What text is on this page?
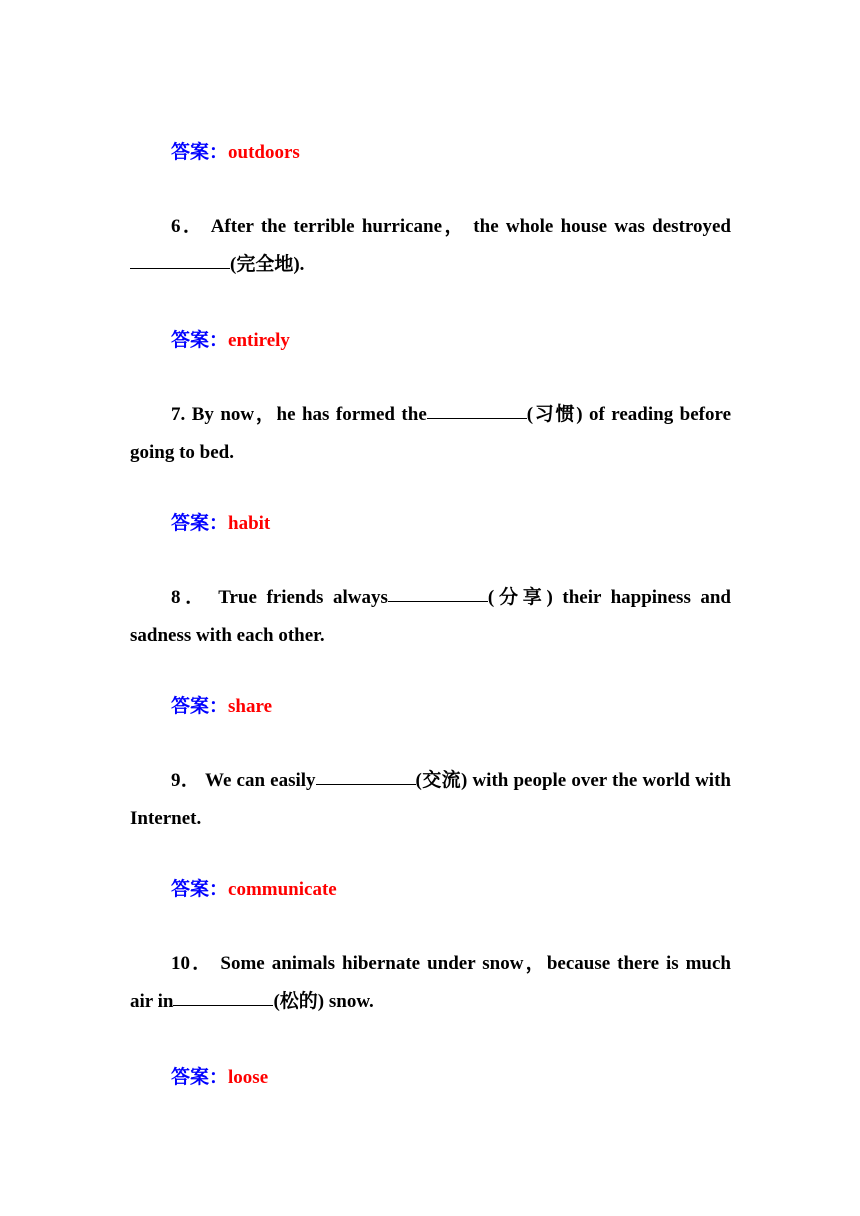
答案：outdoors
6． After the terrible hurricane， the whole house was destroyed(完全地).
答案：entirely
7. By now，he has formed the	(习惯) of reading before going to bed.
答案：habit
8． True friends always	(分享) their happiness and sadness with each other.
答案：share
9． We can easily	(交流) with people over the world with Internet.
答案：communicate
10． Some animals hibernate under snow，because there is much air in	(松的) snow.
答案：loose
